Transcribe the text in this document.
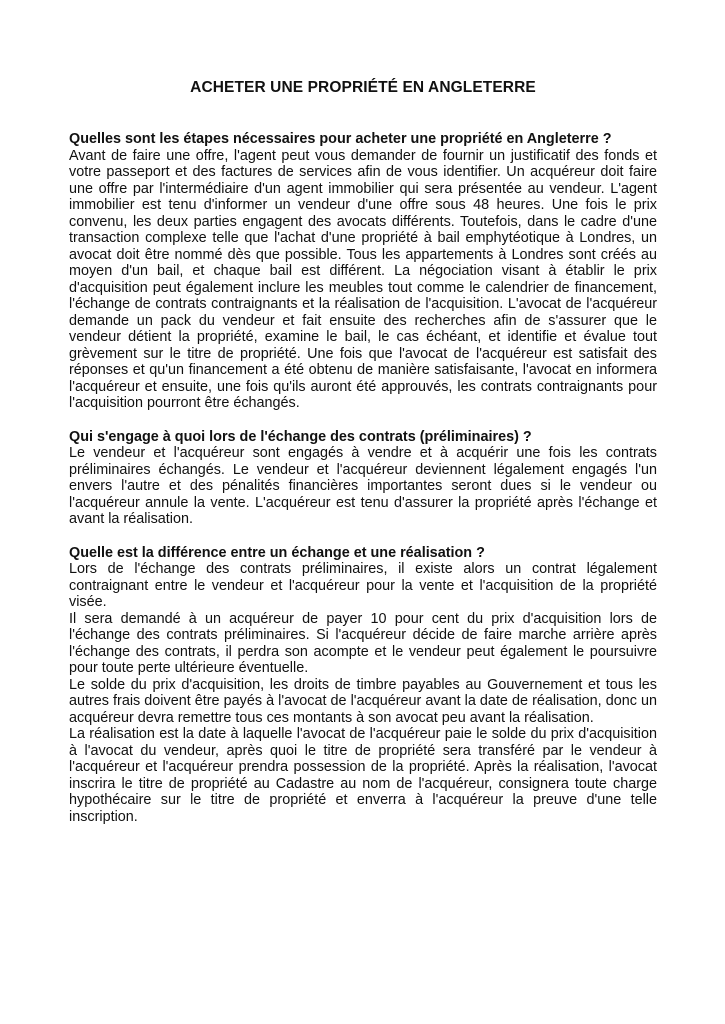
ACHETER UNE PROPRIÉTÉ EN ANGLETERRE

Quelles sont les étapes nécessaires pour acheter une propriété en Angleterre ?

Avant de faire une offre, l'agent peut vous demander de fournir un justificatif des fonds et votre passeport et des factures de services afin de vous identifier. Un acquéreur doit faire une offre par l'intermédiaire d'un agent immobilier qui sera présentée au vendeur. L'agent immobilier est tenu d'informer un vendeur d'une offre sous 48 heures. Une fois le prix convenu, les deux parties engagent des avocats différents. Toutefois, dans le cadre d'une transaction complexe telle que l'achat d'une propriété à bail emphytéotique à Londres, un avocat doit être nommé dès que possible. Tous les appartements à Londres sont créés au moyen d'un bail, et chaque bail est différent. La négociation visant à établir le prix d'acquisition peut également inclure les meubles tout comme le calendrier de financement, l'échange de contrats contraignants et la réalisation de l'acquisition. L'avocat de l'acquéreur demande un pack du vendeur et fait ensuite des recherches afin de s'assurer que le vendeur détient la propriété, examine le bail, le cas échéant, et identifie et évalue tout grèvement sur le titre de propriété. Une fois que l'avocat de l'acquéreur est satisfait des réponses et qu'un financement a été obtenu de manière satisfaisante, l'avocat en informera l'acquéreur et ensuite, une fois qu'ils auront été approuvés, les contrats contraignants pour l'acquisition pourront être échangés.

Qui s'engage à quoi lors de l'échange des contrats (préliminaires) ?

Le vendeur et l'acquéreur sont engagés à vendre et à acquérir une fois les contrats préliminaires échangés. Le vendeur et l'acquéreur deviennent légalement engagés l'un envers l'autre et des pénalités financières importantes seront dues si le vendeur ou l'acquéreur annule la vente. L'acquéreur est tenu d'assurer la propriété après l'échange et avant la réalisation.

Quelle est la différence entre un échange et une réalisation ?

Lors de l'échange des contrats préliminaires, il existe alors un contrat légalement contraignant entre le vendeur et l'acquéreur pour la vente et l'acquisition de la propriété visée.

Il sera demandé à un acquéreur de payer 10 pour cent du prix d'acquisition lors de l'échange des contrats préliminaires. Si l'acquéreur décide de faire marche arrière après l'échange des contrats, il perdra son acompte et le vendeur peut également le poursuivre pour toute perte ultérieure éventuelle.

Le solde du prix d'acquisition, les droits de timbre payables au Gouvernement et tous les autres frais doivent être payés à l'avocat de l'acquéreur avant la date de réalisation, donc un acquéreur devra remettre tous ces montants à son avocat peu avant la réalisation.

La réalisation est la date à laquelle l'avocat de l'acquéreur paie le solde du prix d'acquisition à l'avocat du vendeur, après quoi le titre de propriété sera transféré par le vendeur à l'acquéreur et l'acquéreur prendra possession de la propriété. Après la réalisation, l'avocat inscrira le titre de propriété au Cadastre au nom de l'acquéreur, consignera toute charge hypothécaire sur le titre de propriété et enverra à l'acquéreur la preuve d'une telle inscription.
